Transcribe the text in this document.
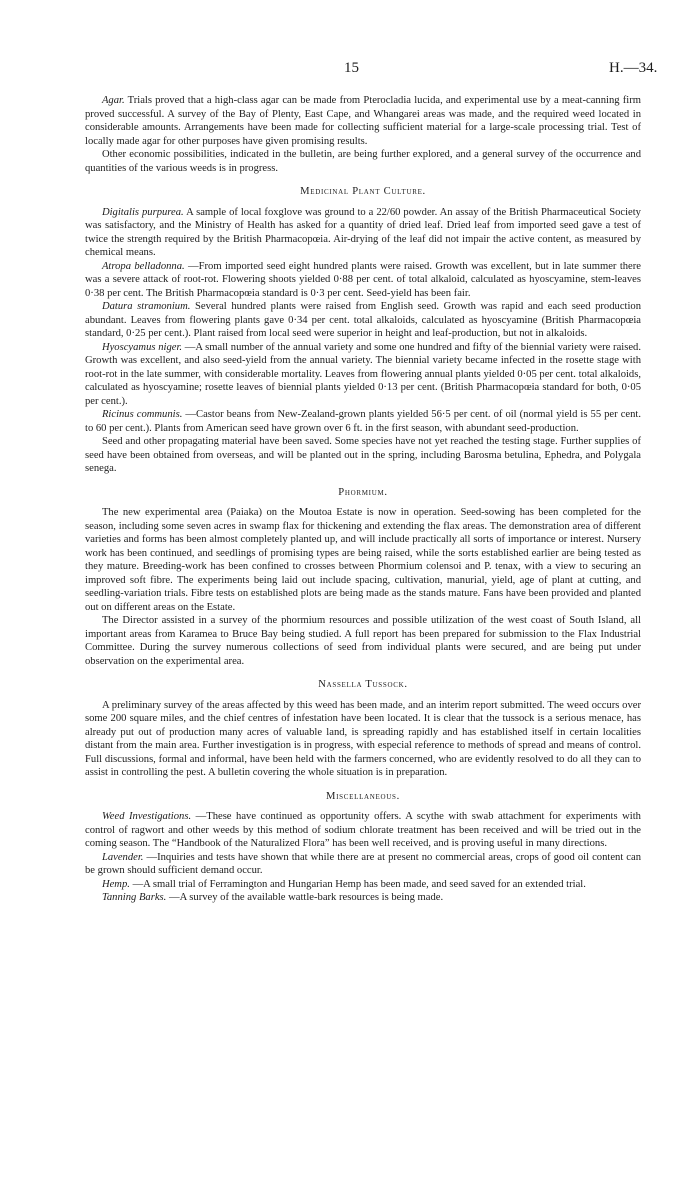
15	H.—34.

Agar. Trials proved that a high-class agar can be made from Pterocladia lucida, and experimental use by a meat-canning firm proved successful. A survey of the Bay of Plenty, East Cape, and Whangarei areas was made, and the required weed located in considerable amounts. Arrangements have been made for collecting sufficient material for a large-scale processing trial. Test of locally made agar for other purposes have given promising results.

Other economic possibilities, indicated in the bulletin, are being further explored, and a general survey of the occurrence and quantities of the various weeds is in progress.

Medicinal Plant Culture.

Digitalis purpurea. A sample of local foxglove was ground to a 22/60 powder. An assay of the British Pharmaceutical Society was satisfactory, and the Ministry of Health has asked for a quantity of dried leaf. Dried leaf from imported seed gave a test of twice the strength required by the British Pharmacopœia. Air-drying of the leaf did not impair the active content, as measured by chemical means.

Atropa belladonna. —From imported seed eight hundred plants were raised. Growth was excellent, but in late summer there was a severe attack of root-rot. Flowering shoots yielded 0·88 per cent. of total alkaloid, calculated as hyoscyamine, stem-leaves 0·38 per cent. The British Pharmacopœia standard is 0·3 per cent. Seed-yield has been fair.

Datura stramonium. Several hundred plants were raised from English seed. Growth was rapid and each seed production abundant. Leaves from flowering plants gave 0·34 per cent. total alkaloids, calculated as hyoscyamine (British Pharmacopœia standard, 0·25 per cent.). Plant raised from local seed were superior in height and leaf-production, but not in alkaloids.

Hyoscyamus niger. —A small number of the annual variety and some one hundred and fifty of the biennial variety were raised. Growth was excellent, and also seed-yield from the annual variety. The biennial variety became infected in the rosette stage with root-rot in the late summer, with considerable mortality. Leaves from flowering annual plants yielded 0·05 per cent. total alkaloids, calculated as hyoscyamine; rosette leaves of biennial plants yielded 0·13 per cent. (British Pharmacopœia standard for both, 0·05 per cent.).

Ricinus communis. —Castor beans from New-Zealand-grown plants yielded 56·5 per cent. of oil (normal yield is 55 per cent. to 60 per cent.). Plants from American seed have grown over 6 ft. in the first season, with abundant seed-production.

Seed and other propagating material have been saved. Some species have not yet reached the testing stage. Further supplies of seed have been obtained from overseas, and will be planted out in the spring, including Barosma betulina, Ephedra, and Polygala senega.

Phormium.

The new experimental area (Paiaka) on the Moutoa Estate is now in operation. Seed-sowing has been completed for the season, including some seven acres in swamp flax for thickening and extending the flax areas. The demonstration area of different varieties and forms has been almost completely planted up, and will include practically all sorts of importance or interest. Nursery work has been continued, and seedlings of promising types are being raised, while the sorts established earlier are being tested as they mature. Breeding-work has been confined to crosses between Phormium colensoi and P. tenax, with a view to securing an improved soft fibre. The experiments being laid out include spacing, cultivation, manurial, yield, age of plant at cutting, and seedling-variation trials. Fibre tests on established plots are being made as the stands mature. Fans have been provided and planted out on different areas on the Estate.

The Director assisted in a survey of the phormium resources and possible utilization of the west coast of South Island, all important areas from Karamea to Bruce Bay being studied. A full report has been prepared for submission to the Flax Industrial Committee. During the survey numerous collections of seed from individual plants were secured, and are being put under observation on the experimental area.

Nassella Tussock.

A preliminary survey of the areas affected by this weed has been made, and an interim report submitted. The weed occurs over some 200 square miles, and the chief centres of infestation have been located. It is clear that the tussock is a serious menace, has already put out of production many acres of valuable land, is spreading rapidly and has established itself in certain localities distant from the main area. Further investigation is in progress, with especial reference to methods of spread and means of control. Full discussions, formal and informal, have been held with the farmers concerned, who are evidently resolved to do all they can to assist in controlling the pest. A bulletin covering the whole situation is in preparation.

Miscellaneous.

Weed Investigations. —These have continued as opportunity offers. A scythe with swab attachment for experiments with control of ragwort and other weeds by this method of sodium chlorate treatment has been received and will be tried out in the coming season. The “Handbook of the Naturalized Flora” has been well received, and is proving useful in many directions.

Lavender. —Inquiries and tests have shown that while there are at present no commercial areas, crops of good oil content can be grown should sufficient demand occur.

Hemp. —A small trial of Ferramington and Hungarian Hemp has been made, and seed saved for an extended trial.

Tanning Barks. —A survey of the available wattle-bark resources is being made.
